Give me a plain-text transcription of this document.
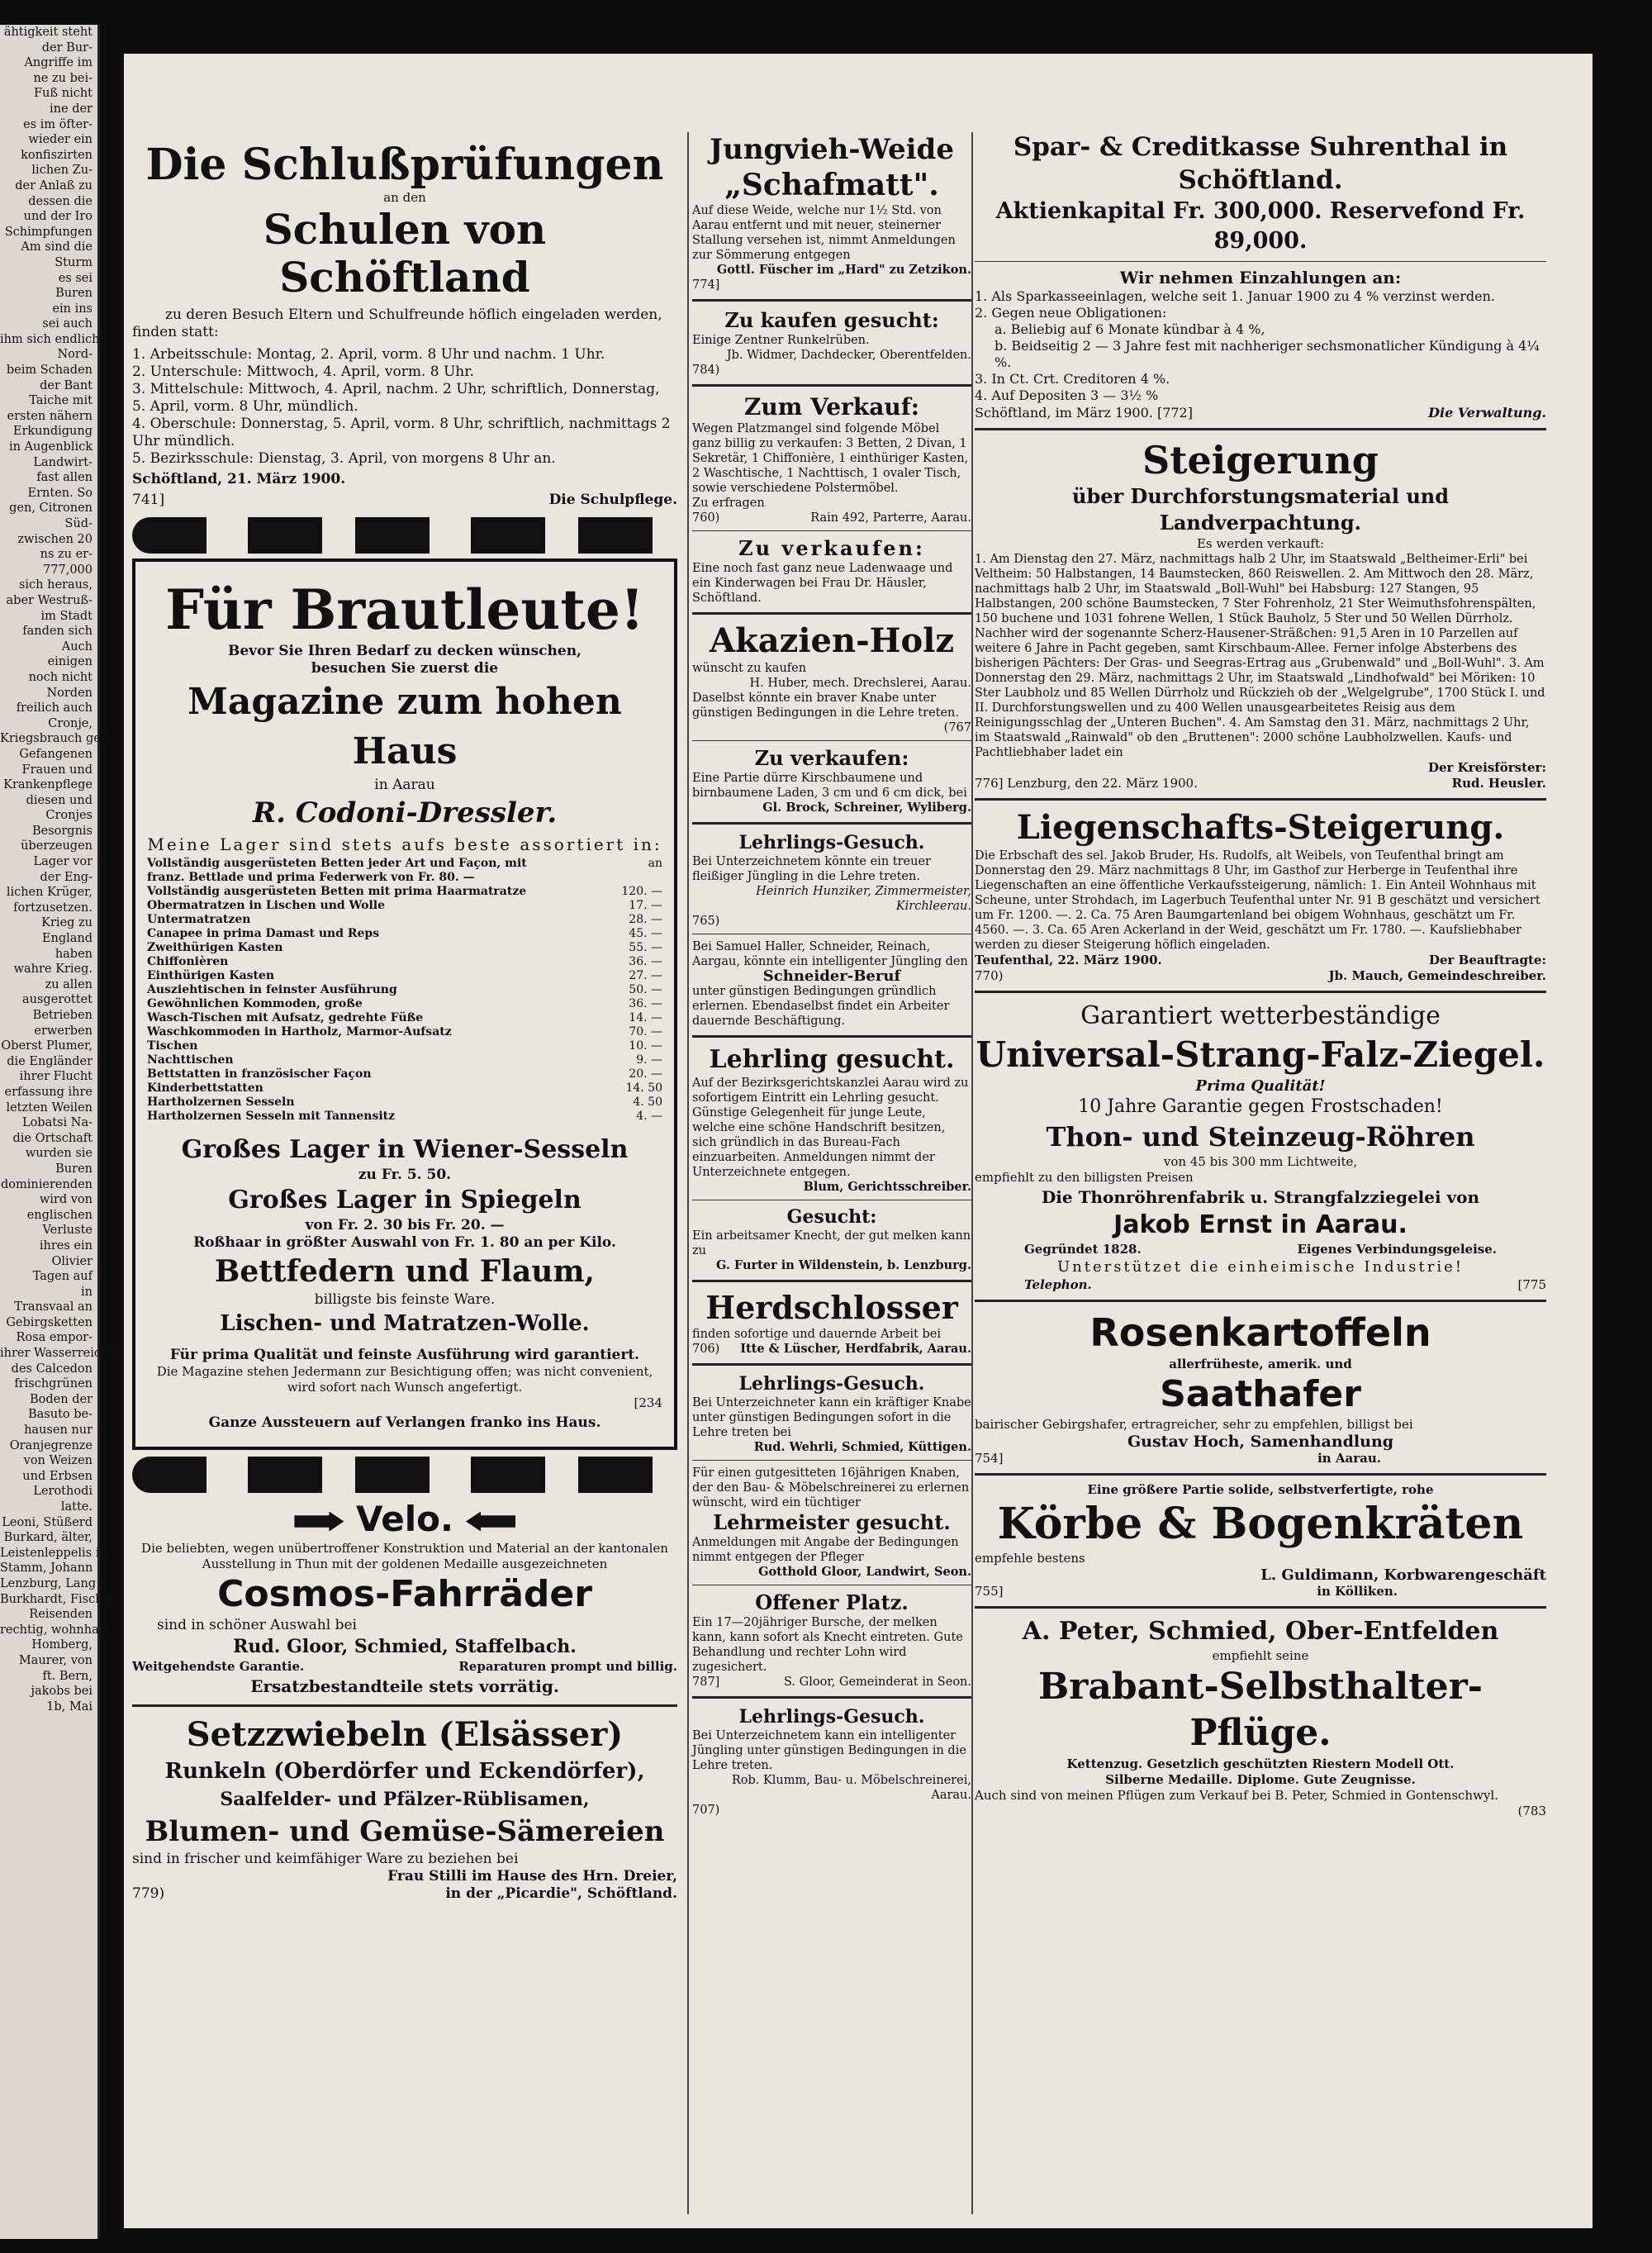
ähtigkeit steht

der Bur-

Angriffe im

ne zu bei-

Fuß nicht

ine der

es im öfter-

wieder ein

konfiszirten

lichen Zu-

der Anlaß zu

dessen die

und der Iro

Schimpfungen

Am sind die

Sturm

es sei

Buren

ein ins

sei auch

ihm sich endlich

Nord-

beim Schaden

der Bant

Taiche mit

ersten nähern

Erkundigung

in Augenblick

Landwirt-

fast allen

Ernten. So

gen, Citronen

Süd-

zwischen 20

ns zu er-

777,000

sich heraus,

aber Westruß-

im Stadt

fanden sich

Auch

einigen

noch nicht

Norden

freilich auch

Cronje,

Kriegsbrauch ge-

Gefangenen

Frauen und

Krankenpflege

diesen und

Cronjes

Besorgnis

überzeugen

Lager vor

der Eng-

lichen Krüger,

fortzusetzen.

Krieg zu

England

haben

wahre Krieg.

zu allen

ausgerottet

Betrieben

erwerben

Oberst Plumer,

die Engländer

ihrer Flucht

erfassung ihre

letzten Weilen

Lobatsi Na-

die Ortschaft

wurden sie

Buren

dominierenden

wird von

englischen

Verluste

ihres ein

Olivier

Tagen auf

in

Transvaal an

Gebirgsketten

Rosa empor-

ihrer Wasserreichen

des Calcedon

frischgrünen

Boden der

Basuto be-

hausen nur

Oranjegrenze

von Weizen

und Erbsen

Lerothodi

latte.

Leoni, Stüßerd

Burkard, älter,

Leistenleppelis in

Stamm, Johann

Lenzburg, Lang

Burkhardt, Fischer,

Reisenden

rechtig, wohnhaft

Homberg,

Maurer, von

ft. Bern,

jakobs bei

1b, Mai

Die Schlußprüfungen
an den
Schulen von Schöftland
zu deren Besuch Eltern und Schulfreunde höflich eingeladen werden, finden statt:
1. Arbeitsschule: Montag, 2. April, vorm. 8 Uhr und nachm. 1 Uhr.
2. Unterschule: Mittwoch, 4. April, vorm. 8 Uhr.
3. Mittelschule: Mittwoch, 4. April, nachm. 2 Uhr, schriftlich, Donnerstag, 5. April, vorm. 8 Uhr, mündlich.
4. Oberschule: Donnerstag, 5. April, vorm. 8 Uhr, schriftlich, nachmittags 2 Uhr mündlich.
5. Bezirksschule: Dienstag, 3. April, von morgens 8 Uhr an.
Schöftland, 21. März 1900.
741]	Die Schulpflege.
Für Brautleute!
Bevor Sie Ihren Bedarf zu decken wünschen,
besuchen Sie zuerst die
Magazine zum hohen Haus
in Aarau
R. Codoni-Dressler.
Meine Lager sind stets aufs beste assortiert in:
Vollständig ausgerüsteten Betten jeder Art und Façon, mit franz. Bettlade und prima Federwerk von Fr. 80. —
an
Vollständig ausgerüsteten Betten mit prima Haarmatratze	120. —
Obermatratzen in Lischen und Wolle	17. —
Untermatratzen	28. —
Canapee in prima Damast und Reps	45. —
Zweithürigen Kasten	55. —
Chiffonièren	36. —
Einthürigen Kasten	27. —
Ausziehtischen in feinster Ausführung	50. —
Gewöhnlichen Kommoden, große	36. —
Wasch-Tischen mit Aufsatz, gedrehte Füße	14. —
Waschkommoden in Hartholz, Marmor-Aufsatz	70. —
Tischen	10. —
Nachttischen	9. —
Bettstatten in französischer Façon	20. —
Kinderbettstatten	14. 50
Hartholzernen Sesseln	4. 50
Hartholzernen Sesseln mit Tannensitz	4. —
Großes Lager in Wiener-Sesseln
zu Fr. 5. 50.
Großes Lager in Spiegeln
von Fr. 2. 30 bis Fr. 20. —
Roßhaar in größter Auswahl von Fr. 1. 80 an per Kilo.
Bettfedern und Flaum,
billigste bis feinste Ware.
Lischen- und Matratzen-Wolle.
Für prima Qualität und feinste Ausführung wird garantiert.
Die Magazine stehen Jedermann zur Besichtigung offen; was nicht convenient, wird sofort nach Wunsch angefertigt.
[234
Ganze Aussteuern auf Verlangen franko ins Haus.
Velo.
Die beliebten, wegen unübertroffener Konstruktion und Material an der kantonalen Ausstellung in Thun mit der goldenen Medaille ausgezeichneten
Cosmos-Fahrräder
sind in schöner Auswahl bei
Rud. Gloor, Schmied, Staffelbach.
Weitgehendste Garantie.	Reparaturen prompt und billig.
Ersatzbestandteile stets vorrätig.
Setzzwiebeln (Elsässer)
Runkeln (Oberdörfer und Eckendörfer),
Saalfelder- und Pfälzer-Rüblisamen,
Blumen- und Gemüse-Sämereien
sind in frischer und keimfähiger Ware zu beziehen bei
Frau Stilli im Hause des Hrn. Dreier,
779)	in der „Picardie", Schöftland.
Jungvieh-Weide
„Schafmatt".
Auf diese Weide, welche nur 1½ Std. von Aarau entfernt und mit neuer, steinerner Stallung versehen ist, nimmt Anmeldungen zur Sömmerung entgegen
Gottl. Füscher im „Hard" zu Zetzikon.
774]
Zu kaufen gesucht:
Einige Zentner Runkelrüben.
Jb. Widmer, Dachdecker, Oberentfelden.
784)
Zum Verkauf:
Wegen Platzmangel sind folgende Möbel ganz billig zu verkaufen: 3 Betten, 2 Divan, 1 Sekretär, 1 Chiffonière, 1 einthüriger Kasten, 2 Waschtische, 1 Nachttisch, 1 ovaler Tisch, sowie verschiedene Polstermöbel.
Zu erfragen
760)	Rain 492, Parterre, Aarau.
Zu verkaufen:
Eine noch fast ganz neue Ladenwaage und ein Kinderwagen bei Frau Dr. Häusler, Schöftland.
Akazien-Holz
wünscht zu kaufen
H. Huber, mech. Drechslerei, Aarau.
Daselbst könnte ein braver Knabe unter günstigen Bedingungen in die Lehre treten.
(767
Zu verkaufen:
Eine Partie dürre Kirschbaumene und birnbaumene Laden, 3 cm und 6 cm dick, bei
Gl. Brock, Schreiner, Wyliberg.
Lehrlings-Gesuch.
Bei Unterzeichnetem könnte ein treuer fleißiger Jüngling in die Lehre treten.
Heinrich Hunziker, Zimmermeister, Kirchleerau.
765)
Bei Samuel Haller, Schneider, Reinach, Aargau, könnte ein intelligenter Jüngling den
Schneider-Beruf
unter günstigen Bedingungen gründlich erlernen. Ebendaselbst findet ein Arbeiter dauernde Beschäftigung.
Lehrling gesucht.
Auf der Bezirksgerichtskanzlei Aarau wird zu sofortigem Eintritt ein Lehrling gesucht. Günstige Gelegenheit für junge Leute, welche eine schöne Handschrift besitzen, sich gründlich in das Bureau-Fach einzuarbeiten. Anmeldungen nimmt der Unterzeichnete entgegen.
Blum, Gerichtsschreiber.
Gesucht:
Ein arbeitsamer Knecht, der gut melken kann zu
G. Furter in Wildenstein, b. Lenzburg.
Herdschlosser
finden sofortige und dauernde Arbeit bei
706) Itte & Lüscher, Herdfabrik, Aarau.
Lehrlings-Gesuch.
Bei Unterzeichneter kann ein kräftiger Knabe unter günstigen Bedingungen sofort in die Lehre treten bei
Rud. Wehrli, Schmied, Küttigen.
Für einen gutgesitteten 16jährigen Knaben, der den Bau- & Möbelschreinerei zu erlernen wünscht, wird ein tüchtiger
Lehrmeister gesucht.
Anmeldungen mit Angabe der Bedingungen nimmt entgegen der Pfleger
Gotthold Gloor, Landwirt, Seon.
Offener Platz.
Ein 17—20jähriger Bursche, der melken kann, kann sofort als Knecht eintreten. Gute Behandlung und rechter Lohn wird zugesichert.
787]	S. Gloor, Gemeinderat in Seon.
Lehrlings-Gesuch.
Bei Unterzeichnetem kann ein intelligenter Jüngling unter günstigen Bedingungen in die Lehre treten.
Rob. Klumm, Bau- u. Möbelschreinerei, Aarau.
707)
Spar- & Creditkasse Suhrenthal in Schöftland.
Aktienkapital Fr. 300,000. Reservefond Fr. 89,000.
Wir nehmen Einzahlungen an:
1. Als Sparkasseeinlagen, welche seit 1. Januar 1900 zu 4 % verzinst werden.
2. Gegen neue Obligationen:
a. Beliebig auf 6 Monate kündbar à 4 %,
b. Beidseitig 2 — 3 Jahre fest mit nachheriger sechsmonatlicher Kündigung à 4¼ %.
3. In Ct. Crt. Creditoren 4 %.
4. Auf Depositen 3 — 3½ %
Schöftland, im März 1900. [772]	Die Verwaltung.
Steigerung
über Durchforstungsmaterial und Landverpachtung.
Es werden verkauft:
1. Am Dienstag den 27. März, nachmittags halb 2 Uhr, im Staatswald „Beltheimer-Erli" bei Veltheim: 50 Halbstangen, 14 Baumstecken, 860 Reiswellen. 2. Am Mittwoch den 28. März, nachmittags halb 2 Uhr, im Staatswald „Boll-Wuhl" bei Habsburg: 127 Stangen, 95 Halbstangen, 200 schöne Baumstecken, 7 Ster Fohrenholz, 21 Ster Weimuthsfohrenspälten, 150 buchene und 1031 fohrene Wellen, 1 Stück Bauholz, 5 Ster und 50 Wellen Dürrholz. Nachher wird der sogenannte Scherz-Hausener-Sträßchen: 91,5 Aren in 10 Parzellen auf weitere 6 Jahre in Pacht gegeben, samt Kirschbaum-Allee. Ferner infolge Absterbens des bisherigen Pächters: Der Gras- und Seegras-Ertrag aus „Grubenwald" und „Boll-Wuhl". 3. Am Donnerstag den 29. März, nachmittags 2 Uhr, im Staatswald „Lindhofwald" bei Möriken: 10 Ster Laubholz und 85 Wellen Dürrholz und Rückzieh ob der „Welgelgrube", 1700 Stück I. und II. Durchforstungswellen und zu 400 Wellen unausgearbeitetes Reisig aus dem Reinigungsschlag der „Unteren Buchen". 4. Am Samstag den 31. März, nachmittags 2 Uhr, im Staatswald „Rainwald" ob den „Bruttenen": 2000 schöne Laubholzwellen. Kaufs- und Pachtliebhaber ladet ein
Der Kreisförster:
776] Lenzburg, den 22. März 1900.	Rud. Heusler.
Liegenschafts-Steigerung.
Die Erbschaft des sel. Jakob Bruder, Hs. Rudolfs, alt Weibels, von Teufenthal bringt am Donnerstag den 29. März nachmittags 8 Uhr, im Gasthof zur Herberge in Teufenthal ihre Liegenschaften an eine öffentliche Verkaufssteigerung, nämlich: 1. Ein Anteil Wohnhaus mit Scheune, unter Strohdach, im Lagerbuch Teufenthal unter Nr. 91 B geschätzt und versichert um Fr. 1200. —. 2. Ca. 75 Aren Baumgartenland bei obigem Wohnhaus, geschätzt um Fr. 4560. —. 3. Ca. 65 Aren Ackerland in der Weid, geschätzt um Fr. 1780. —. Kaufsliebhaber werden zu dieser Steigerung höflich eingeladen.
Teufenthal, 22. März 1900.	Der Beauftragte:
770)	Jb. Mauch, Gemeindeschreiber.
Garantiert wetterbeständige
Universal-Strang-Falz-Ziegel.
Prima Qualität!
10 Jahre Garantie gegen Frostschaden!
Thon- und Steinzeug-Röhren
von 45 bis 300 mm Lichtweite,
empfiehlt zu den billigsten Preisen
Die Thonröhrenfabrik u. Strangfalzziegelei von
Jakob Ernst in Aarau.
Gegründet 1828.	Eigenes Verbindungsgeleise.
Unterstützet die einheimische Industrie!
Telephon.	[775
Rosenkartoffeln
allerfrüheste, amerik. und
Saathafer
bairischer Gebirgshafer, ertragreicher, sehr zu empfehlen, billigst bei
Gustav Hoch, Samenhandlung
754]	in Aarau.
Eine größere Partie solide, selbstverfertigte, rohe
Körbe & Bogenkräten
empfehle bestens
L. Guldimann, Korbwarengeschäft
755]	in Kölliken.
A. Peter, Schmied, Ober-Entfelden
empfiehlt seine
Brabant-Selbsthalter-Pflüge.
Kettenzug. Gesetzlich geschützten Riestern Modell Ott.
Silberne Medaille. Diplome. Gute Zeugnisse.
Auch sind von meinen Pflügen zum Verkauf bei B. Peter, Schmied in Gontenschwyl.
(783
